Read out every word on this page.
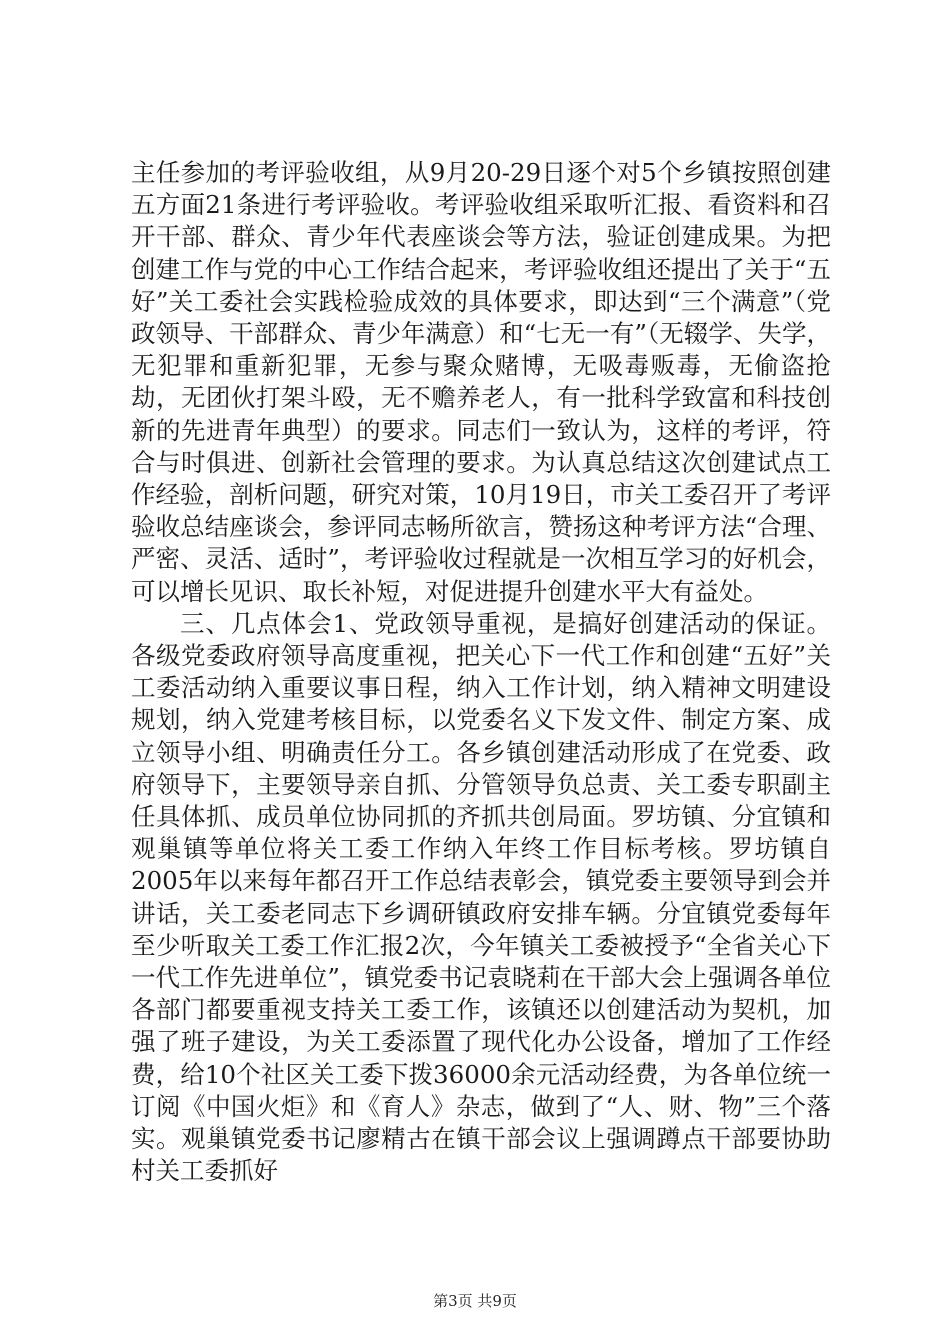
主任参加的考评验收组，从9月20-29日逐个对5个乡镇按照创建五方面21条进行考评验收。考评验收组采取听汇报、看资料和召开干部、群众、青少年代表座谈会等方法，验证创建成果。为把创建工作与党的中心工作结合起来，考评验收组还提出了关于“五好”关工委社会实践检验成效的具体要求，即达到“三个满意”（党政领导、干部群众、青少年满意）和“七无一有”（无辍学、失学，无犯罪和重新犯罪，无参与聚众赌博，无吸毒贩毒，无偷盗抢劫，无团伙打架斗殴，无不赡养老人，有一批科学致富和科技创新的先进青年典型）的要求。同志们一致认为，这样的考评，符合与时俱进、创新社会管理的要求。为认真总结这次创建试点工作经验，剖析问题，研究对策，10月19日，市关工委召开了考评验收总结座谈会，参评同志畅所欲言，赞扬这种考评方法“合理、严密、灵活、适时”，考评验收过程就是一次相互学习的好机会，可以增长见识、取长补短，对促进提升创建水平大有益处。

三、几点体会1、党政领导重视，是搞好创建活动的保证。各级党委政府领导高度重视，把关心下一代工作和创建“五好”关工委活动纳入重要议事日程，纳入工作计划，纳入精神文明建设规划，纳入党建考核目标，以党委名义下发文件、制定方案、成立领导小组、明确责任分工。各乡镇创建活动形成了在党委、政府领导下，主要领导亲自抓、分管领导负总责、关工委专职副主任具体抓、成员单位协同抓的齐抓共创局面。罗坊镇、分宜镇和观巢镇等单位将关工委工作纳入年终工作目标考核。罗坊镇自2005年以来每年都召开工作总结表彰会，镇党委主要领导到会并讲话，关工委老同志下乡调研镇政府安排车辆。分宜镇党委每年至少听取关工委工作汇报2次，今年镇关工委被授予“全省关心下一代工作先进单位”，镇党委书记袁晓莉在干部大会上强调各单位各部门都要重视支持关工委工作，该镇还以创建活动为契机，加强了班子建设，为关工委添置了现代化办公设备，增加了工作经费，给10个社区关工委下拨36000余元活动经费，为各单位统一订阅《中国火炬》和《育人》杂志，做到了“人、财、物”三个落实。观巢镇党委书记廖精古在镇干部会议上强调蹲点干部要协助村关工委抓好

第3页 共9页
